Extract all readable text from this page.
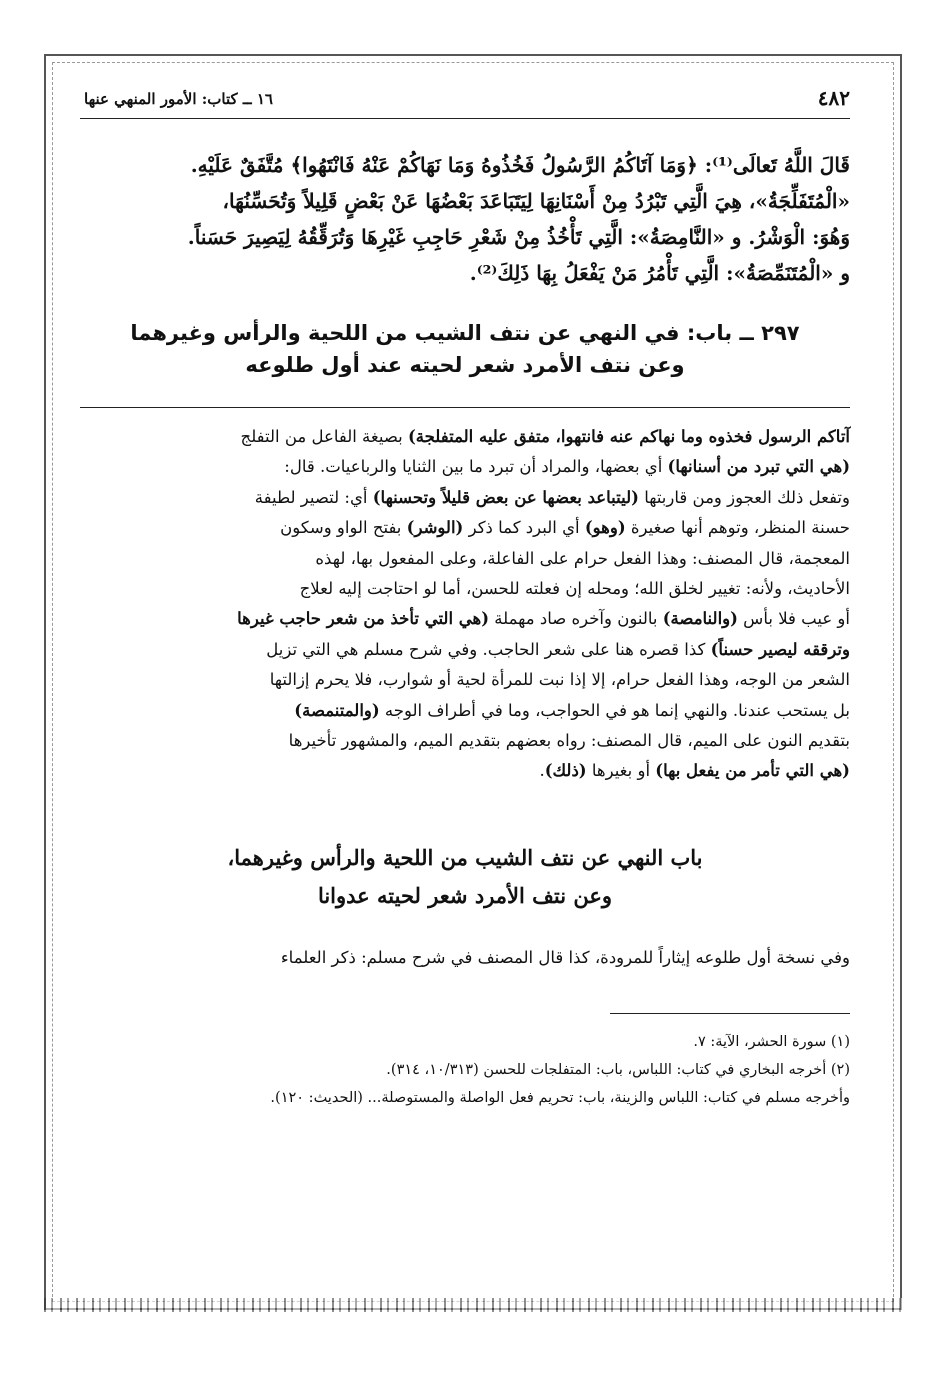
٤٨٢
١٦ ــ كتاب: الأمور المنهي عنها

قَالَ اللَّهُ تَعالَى⁽¹⁾: ﴿وَمَا آتَاكُمُ الرَّسُولُ فَخُذُوهُ وَمَا نَهَاكُمْ عَنْهُ فَانْتَهُوا﴾ مُتَّفَقٌ عَلَيْهِ.

«الْمُتَفَلِّجَةُ»، هِيَ الَّتِي تَبْرُدُ مِنْ أَسْنَانِهَا لِيَتَبَاعَدَ بَعْضُهَا عَنْ بَعْضٍ قَلِيلاً وَتُحَسِّنُهَا،

وَهُوَ: الْوَشْرُ. و «النَّامِصَةُ»: الَّتِي تَأْخُذُ مِنْ شَعْرِ حَاجِبِ غَيْرِهَا وَتُرَقِّقُهُ لِيَصِيرَ حَسَناً.

و «الْمُتَنَمِّصَةُ»: الَّتِي تَأْمُرُ مَنْ يَفْعَلُ بِهَا ذَلِكَ⁽²⁾.

٢٩٧ ــ باب: في النهي عن نتف الشيب من اللحية والرأس وغيرهما
وعن نتف الأمرد شعر لحيته عند أول طلوعه

آتاكم الرسول فخذوه وما نهاكم عنه فانتهوا، متفق عليه المتفلجة) بصيغة الفاعل من التفلج

(هي التي تبرد من أسنانها) أي بعضها، والمراد أن تبرد ما بين الثنايا والرباعيات. قال:

وتفعل ذلك العجوز ومن قاربتها (ليتباعد بعضها عن بعض قليلاً وتحسنها) أي: لتصير لطيفة

حسنة المنظر، وتوهم أنها صغيرة (وهو) أي البرد كما ذكر (الوشر) بفتح الواو وسكون

المعجمة، قال المصنف: وهذا الفعل حرام على الفاعلة، وعلى المفعول بها، لهذه

الأحاديث، ولأنه: تغيير لخلق الله؛ ومحله إن فعلته للحسن، أما لو احتاجت إليه لعلاج

أو عيب فلا بأس (والنامصة) بالنون وآخره صاد مهملة (هي التي تأخذ من شعر حاجب غيرها

وترققه ليصير حسناً) كذا قصره هنا على شعر الحاجب. وفي شرح مسلم هي التي تزيل

الشعر من الوجه، وهذا الفعل حرام، إلا إذا نبت للمرأة لحية أو شوارب، فلا يحرم إزالتها

بل يستحب عندنا. والنهي إنما هو في الحواجب، وما في أطراف الوجه (والمتنمصة)

بتقديم النون على الميم، قال المصنف: رواه بعضهم بتقديم الميم، والمشهور تأخيرها

(هي التي تأمر من يفعل بها) أو بغيرها (ذلك).

باب النهي عن نتف الشيب من اللحية والرأس وغيرهما،
وعن نتف الأمرد شعر لحيته عدوانا
وفي نسخة أول طلوعه إيثاراً للمرودة، كذا قال المصنف في شرح مسلم: ذكر العلماء

(١) سورة الحشر، الآية: ٧.

(٢) أخرجه البخاري في كتاب: اللباس، باب: المتفلجات للحسن (١٠/٣١٣، ٣١٤).

وأخرجه مسلم في كتاب: اللباس والزينة، باب: تحريم فعل الواصلة والمستوصلة... (الحديث: ١٢٠).
